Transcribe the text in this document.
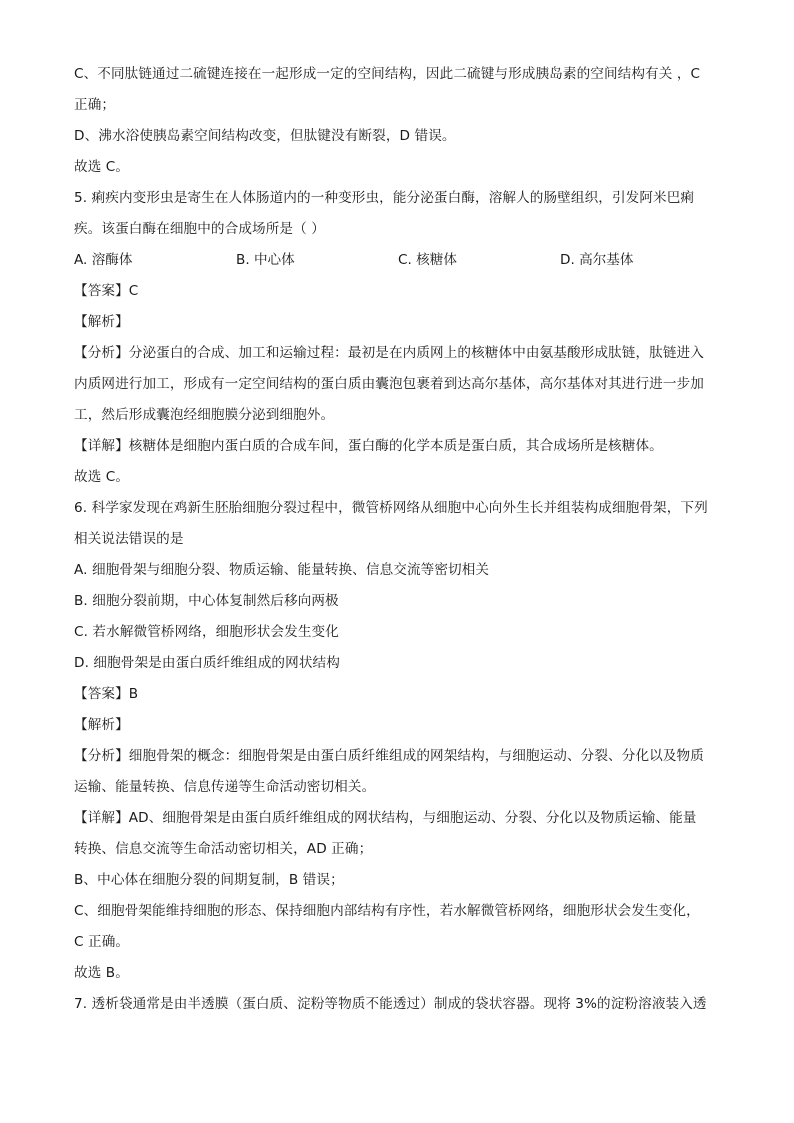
C、不同肽链通过二硫键连接在一起形成一定的空间结构，因此二硫键与形成胰岛素的空间结构有关 ，C
正确；
D、沸水浴使胰岛素空间结构改变，但肽键没有断裂，D 错误。
故选 C。
5. 痢疾内变形虫是寄生在人体肠道内的一种变形虫，能分泌蛋白酶，溶解人的肠壁组织，引发阿米巴痢
疾。该蛋白酶在细胞中的合成场所是（ ）
A. 溶酶体	B. 中心体	C. 核糖体	D. 高尔基体
【答案】C
【解析】
【分析】分泌蛋白的合成、加工和运输过程：最初是在内质网上的核糖体中由氨基酸形成肽链，肽链进入
内质网进行加工，形成有一定空间结构的蛋白质由囊泡包裹着到达高尔基体，高尔基体对其进行进一步加
工，然后形成囊泡经细胞膜分泌到细胞外。
【详解】核糖体是细胞内蛋白质的合成车间，蛋白酶的化学本质是蛋白质，其合成场所是核糖体。
故选 C。
6. 科学家发现在鸡新生胚胎细胞分裂过程中，微管桥网络从细胞中心向外生长并组装构成细胞骨架，下列
相关说法错误的是
A. 细胞骨架与细胞分裂、物质运输、能量转换、信息交流等密切相关
B. 细胞分裂前期，中心体复制然后移向两极
C. 若水解微管桥网络，细胞形状会发生变化
D. 细胞骨架是由蛋白质纤维组成的网状结构
【答案】B
【解析】
【分析】细胞骨架的概念：细胞骨架是由蛋白质纤维组成的网架结构，与细胞运动、分裂、分化以及物质
运输、能量转换、信息传递等生命活动密切相关。
【详解】AD、细胞骨架是由蛋白质纤维组成的网状结构，与细胞运动、分裂、分化以及物质运输、能量
转换、信息交流等生命活动密切相关，AD 正确；
B、中心体在细胞分裂的间期复制，B 错误；
C、细胞骨架能维持细胞的形态、保持细胞内部结构有序性，若水解微管桥网络，细胞形状会发生变化，
C 正确。
故选 B。
7. 透析袋通常是由半透膜（蛋白质、淀粉等物质不能透过）制成的袋状容器。现将 3%的淀粉溶液装入透
